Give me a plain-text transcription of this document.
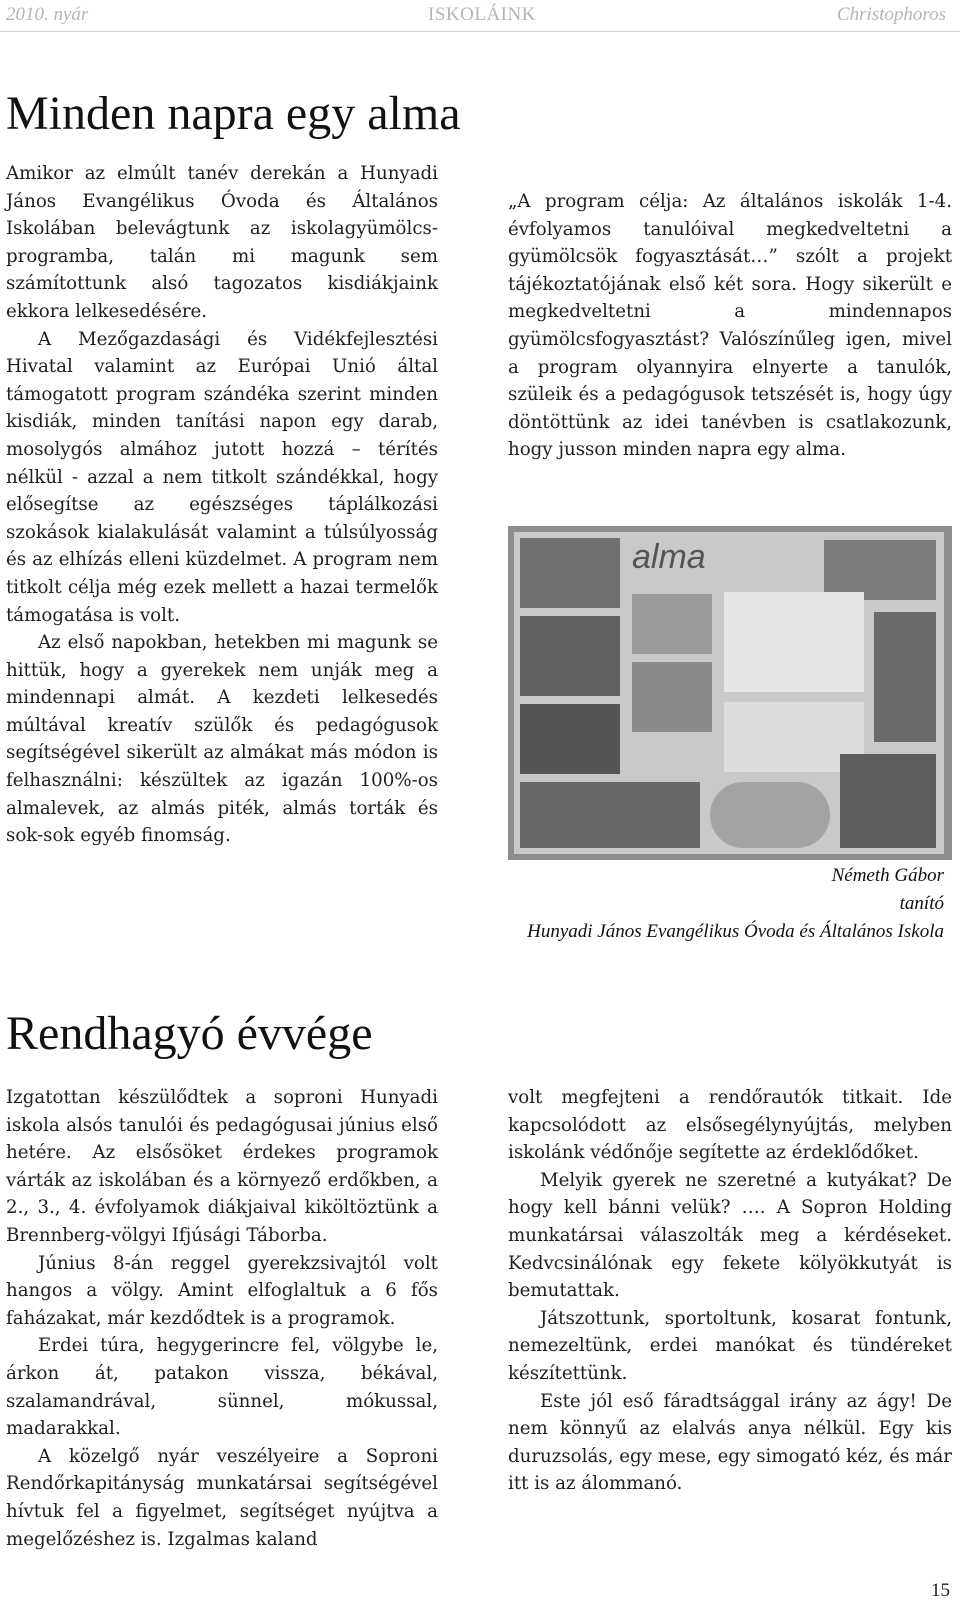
2010. nyár	ISKOLÁINK	Christophoros
Minden napra egy alma

Amikor az elmúlt tanév derekán a Hunyadi János Evangélikus Óvoda és Általános Iskolában belevágtunk az iskolagyümölcs-programba, talán mi magunk sem számítottunk alsó tagozatos kisdiákjaink ekkora lelkesedésére.

A Mezőgazdasági és Vidékfejlesztési Hivatal valamint az Európai Unió által támogatott program szándéka szerint minden kisdiák, minden tanítási napon egy darab, mosolygós almához jutott hozzá – térítés nélkül - azzal a nem titkolt szándékkal, hogy elősegítse az egészséges táplálkozási szokások kialakulását valamint a túlsúlyosság és az elhízás elleni küzdelmet. A program nem titkolt célja még ezek mellett a hazai termelők támogatása is volt.

Az első napokban, hetekben mi magunk se hittük, hogy a gyerekek nem unják meg a mindennapi almát. A kezdeti lelkesedés múltával kreatív szülők és pedagógusok segítségével sikerült az almákat más módon is felhasználni: készültek az igazán 100%-os almalevek, az almás piték, almás torták és sok-sok egyéb finomság.

„A program célja: Az általános iskolák 1-4. évfolyamos tanulóival megkedveltetni a gyümölcsök fogyasztását…” szólt a projekt tájékoztatójának első két sora. Hogy sikerült e megkedveltetni a mindennapos gyümölcsfogyasztást? Valószínűleg igen, mivel a program olyannyira elnyerte a tanulók, szüleik és a pedagógusok tetszését is, hogy úgy döntöttünk az idei tanévben is csatlakozunk, hogy jusson minden napra egy alma.

alma
Németh Gábor
tanító
Hunyadi János Evangélikus Óvoda és Általános Iskola
Rendhagyó évvége

Izgatottan készülődtek a soproni Hunyadi iskola alsós tanulói és pedagógusai június első hetére. Az elsősöket érdekes programok várták az iskolában és a környező erdőkben, a 2., 3., 4. évfolyamok diákjaival kiköltöztünk a Brennberg-völgyi Ifjúsági Táborba.

Június 8-án reggel gyerekzsivajtól volt hangos a völgy. Amint elfoglaltuk a 6 fős faházakat, már kezdődtek is a programok.

Erdei túra, hegygerincre fel, völgybe le, árkon át, patakon vissza, békával, szalamandrával, sünnel, mókussal, madarakkal.

A közelgő nyár veszélyeire a Soproni Rendőrkapitányság munkatársai segítségével hívtuk fel a figyelmet, segítséget nyújtva a megelőzéshez is. Izgalmas kaland

volt megfejteni a rendőrautók titkait. Ide kapcsolódott az elsősegélynyújtás, melyben iskolánk védőnője segítette az érdeklődőket.

Melyik gyerek ne szeretné a kutyákat? De hogy kell bánni velük? …. A Sopron Holding munkatársai válaszolták meg a kérdéseket. Kedvcsinálónak egy fekete kölyökkutyát is bemutattak.

Játszottunk, sportoltunk, kosarat fontunk, nemezeltünk, erdei manókat és tündéreket készítettünk.

Este jól eső fáradtsággal irány az ágy! De nem könnyű az elalvás anya nélkül. Egy kis duruzsolás, egy mese, egy simogató kéz, és már itt is az álommanó.

15
